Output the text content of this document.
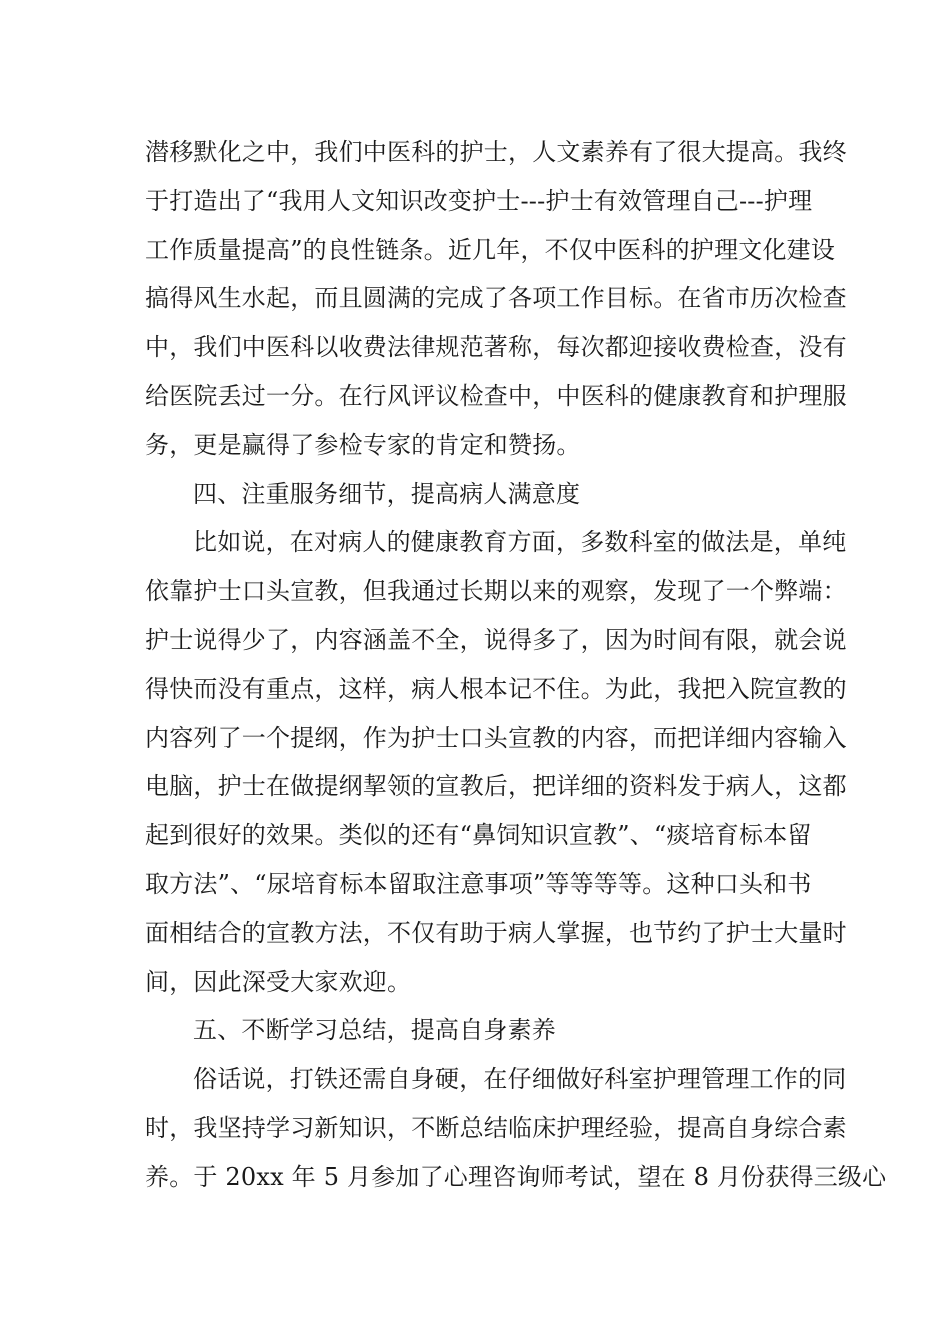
潜移默化之中，我们中医科的护士，人文素养有了很大提高。我终
于打造出了“我用人文知识改变护士---护士有效管理自己---护理
工作质量提高”的良性链条。近几年，不仅中医科的护理文化建设
搞得风生水起，而且圆满的完成了各项工作目标。在省市历次检查
中，我们中医科以收费法律规范著称，每次都迎接收费检查，没有
给医院丢过一分。在行风评议检查中，中医科的健康教育和护理服
务，更是赢得了参检专家的肯定和赞扬。
四、注重服务细节，提高病人满意度
比如说，在对病人的健康教育方面，多数科室的做法是，单纯
依靠护士口头宣教，但我通过长期以来的观察，发现了一个弊端：
护士说得少了，内容涵盖不全，说得多了，因为时间有限，就会说
得快而没有重点，这样，病人根本记不住。为此，我把入院宣教的
内容列了一个提纲，作为护士口头宣教的内容，而把详细内容输入
电脑，护士在做提纲挈领的宣教后，把详细的资料发于病人，这都
起到很好的效果。类似的还有“鼻饲知识宣教”、“痰培育标本留
取方法”、“尿培育标本留取注意事项”等等等等。这种口头和书
面相结合的宣教方法，不仅有助于病人掌握，也节约了护士大量时
间，因此深受大家欢迎。
五、不断学习总结，提高自身素养
俗话说，打铁还需自身硬，在仔细做好科室护理管理工作的同
时，我坚持学习新知识，不断总结临床护理经验，提高自身综合素
养。于 20xx 年 5 月参加了心理咨询师考试，望在 8 月份获得三级心
